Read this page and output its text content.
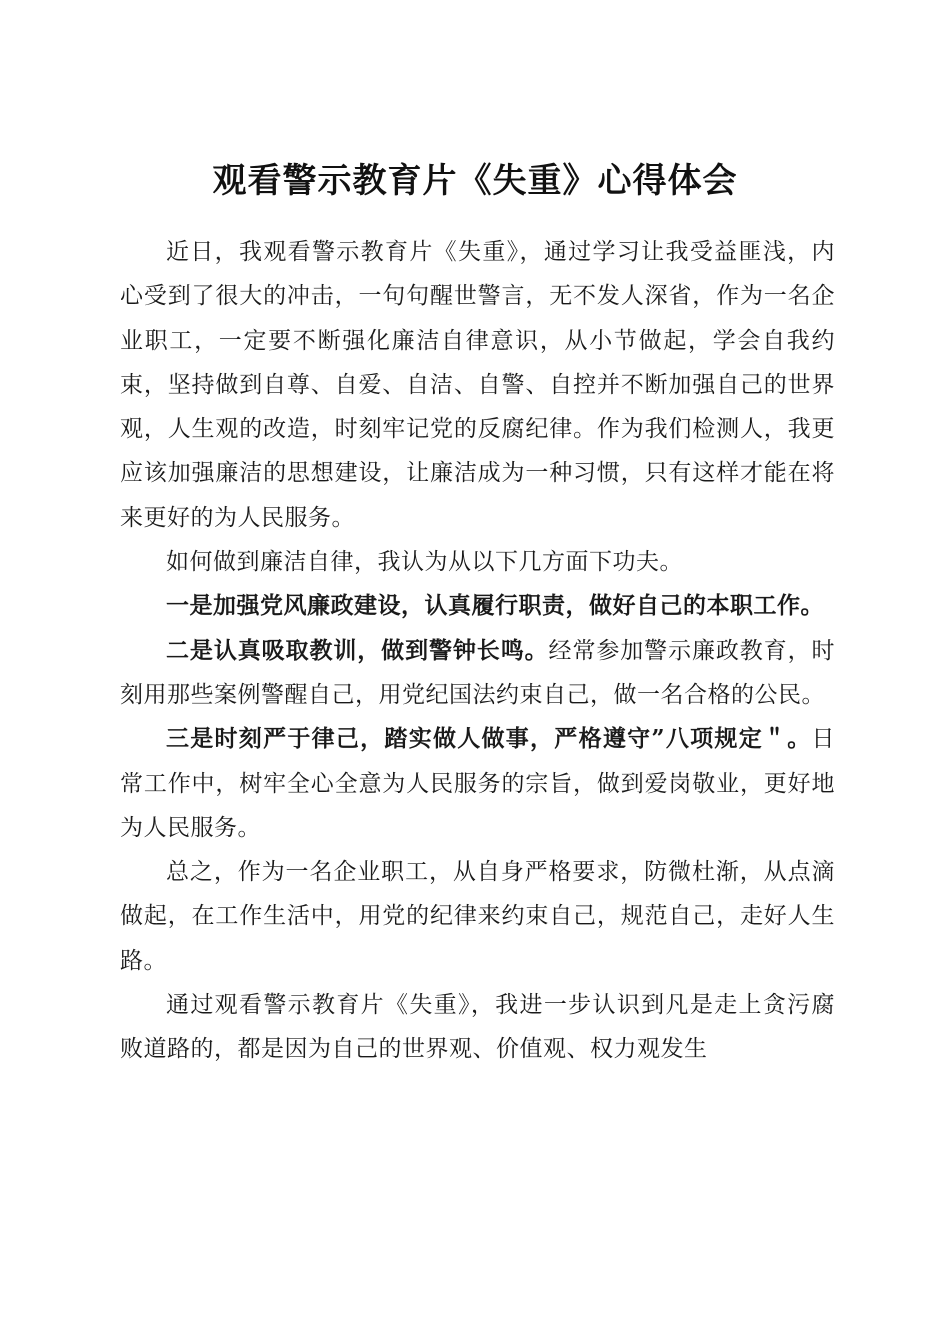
观看警示教育片《失重》心得体会

近日，我观看警示教育片《失重》，通过学习让我受益匪浅，内心受到了很大的冲击，一句句醒世警言，无不发人深省，作为一名企业职工，一定要不断强化廉洁自律意识，从小节做起，学会自我约束，坚持做到自尊、自爱、自洁、自警、自控并不断加强自己的世界观，人生观的改造，时刻牢记党的反腐纪律。作为我们检测人，我更应该加强廉洁的思想建设，让廉洁成为一种习惯，只有这样才能在将来更好的为人民服务。

如何做到廉洁自律，我认为从以下几方面下功夫。

一是加强党风廉政建设，认真履行职责，做好自己的本职工作。

二是认真吸取教训，做到警钟长鸣。经常参加警示廉政教育，时刻用那些案例警醒自己，用党纪国法约束自己，做一名合格的公民。

三是时刻严于律己，踏实做人做事，严格遵守”八项规定＂。日常工作中，树牢全心全意为人民服务的宗旨，做到爱岗敬业，更好地为人民服务。

总之，作为一名企业职工，从自身严格要求，防微杜渐，从点滴做起，在工作生活中，用党的纪律来约束自己，规范自己，走好人生路。

通过观看警示教育片《失重》，我进一步认识到凡是走上贪污腐败道路的，都是因为自己的世界观、价值观、权力观发生
